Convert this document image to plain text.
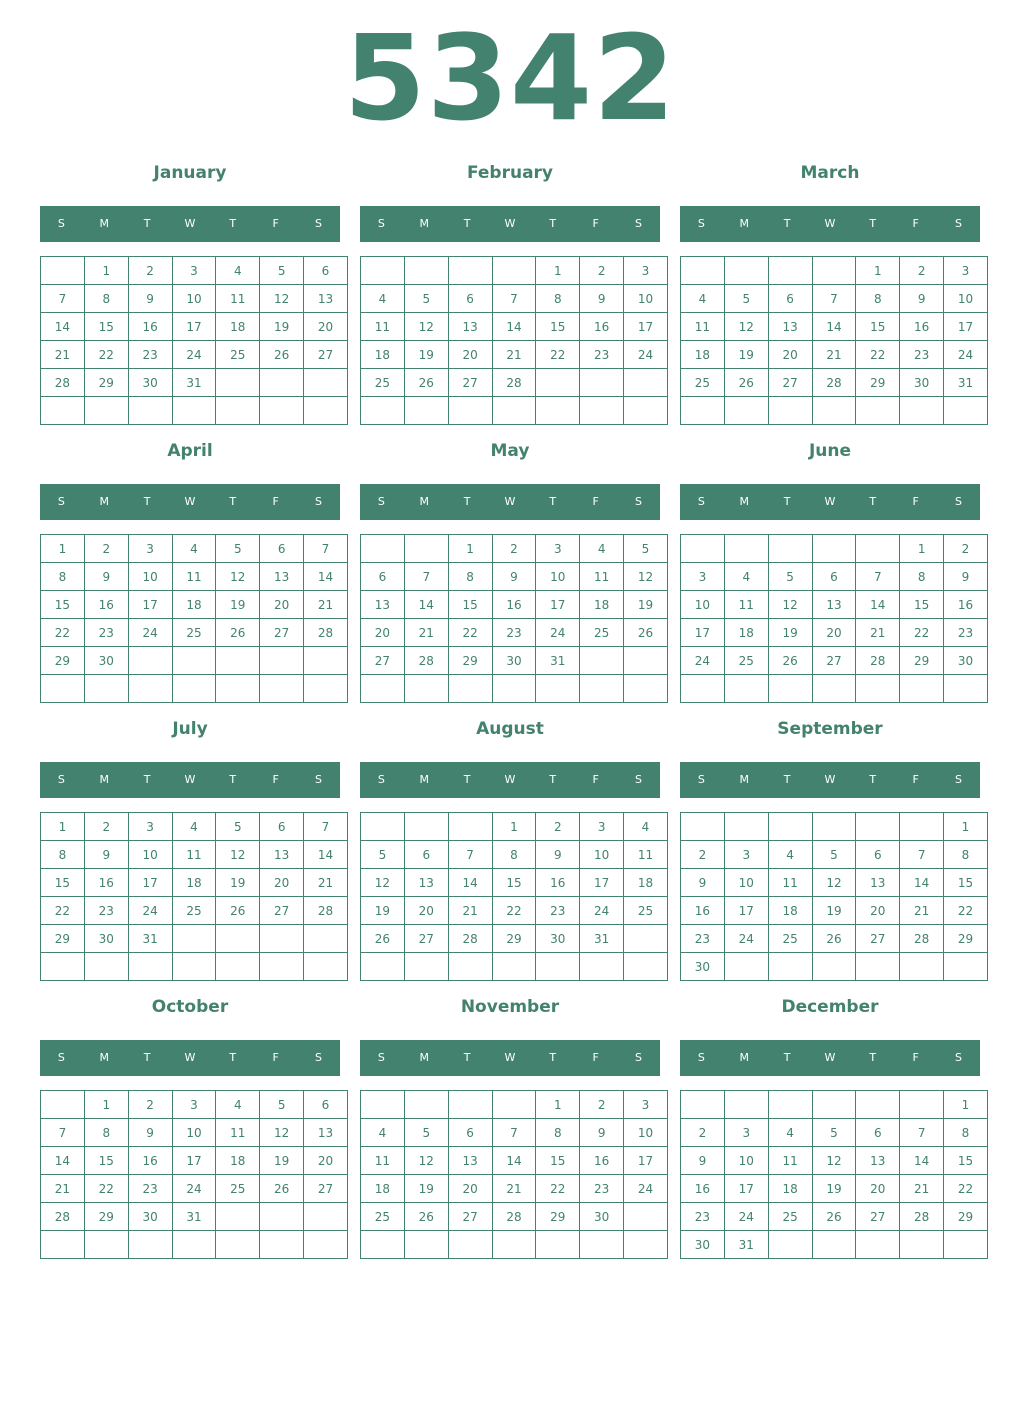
5342
January
S	M	T	W	T	F	S
	1	2	3	4	5	6
7	8	9	10	11	12	13
14	15	16	17	18	19	20
21	22	23	24	25	26	27
28	29	30	31			

February
S	M	T	W	T	F	S
				1	2	3
4	5	6	7	8	9	10
11	12	13	14	15	16	17
18	19	20	21	22	23	24
25	26	27	28			

March
S	M	T	W	T	F	S
				1	2	3
4	5	6	7	8	9	10
11	12	13	14	15	16	17
18	19	20	21	22	23	24
25	26	27	28	29	30	31

April
S	M	T	W	T	F	S
1	2	3	4	5	6	7
8	9	10	11	12	13	14
15	16	17	18	19	20	21
22	23	24	25	26	27	28
29	30					

May
S	M	T	W	T	F	S
		1	2	3	4	5
6	7	8	9	10	11	12
13	14	15	16	17	18	19
20	21	22	23	24	25	26
27	28	29	30	31		

June
S	M	T	W	T	F	S
					1	2
3	4	5	6	7	8	9
10	11	12	13	14	15	16
17	18	19	20	21	22	23
24	25	26	27	28	29	30

July
S	M	T	W	T	F	S
1	2	3	4	5	6	7
8	9	10	11	12	13	14
15	16	17	18	19	20	21
22	23	24	25	26	27	28
29	30	31				

August
S	M	T	W	T	F	S
			1	2	3	4
5	6	7	8	9	10	11
12	13	14	15	16	17	18
19	20	21	22	23	24	25
26	27	28	29	30	31	

September
S	M	T	W	T	F	S
						1
2	3	4	5	6	7	8
9	10	11	12	13	14	15
16	17	18	19	20	21	22
23	24	25	26	27	28	29
30						
October
S	M	T	W	T	F	S
	1	2	3	4	5	6
7	8	9	10	11	12	13
14	15	16	17	18	19	20
21	22	23	24	25	26	27
28	29	30	31			

November
S	M	T	W	T	F	S
				1	2	3
4	5	6	7	8	9	10
11	12	13	14	15	16	17
18	19	20	21	22	23	24
25	26	27	28	29	30	

December
S	M	T	W	T	F	S
						1
2	3	4	5	6	7	8
9	10	11	12	13	14	15
16	17	18	19	20	21	22
23	24	25	26	27	28	29
30	31					
